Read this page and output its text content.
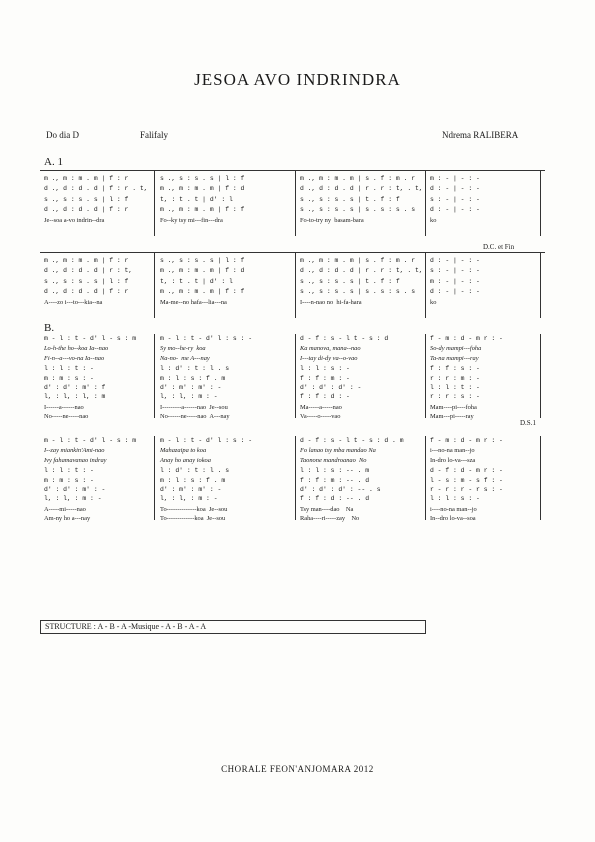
JESOA AVO INDRINDRA
Do dia D	Falifaly	Ndrema RALIBERA
A. 1
B.
D.C. et Fin
D.S.1
m ., m : m . m | f : r
d ., d : d . d | f : r . t,
s ., s : s . s | l : f
d ., d : d . d | f : r
Je--soa a-vo indrin--dra
s ., s : s . s | l : f
m ., m : m . m | f : d
t, : t . t | d' : l
m ., m : m . m | f : f
Fo--ky tsy mi---fin---dra
m ., m : m . m | s . f : m . r
d ., d : d . d | r . r : t, . t,
s ., s : s . s | t . f : f
s ., s : s . s | s . s : s . s
Fo-to-try ny  basam-bara
m : - | - : -
d : - | - : -
s : - | - : -
d : - | - : -
ko
m ., m : m . m | f : r
d ., d : d . d | r : t,
s ., s : s . s | l : f
d ., d : d . d | f : r
A----zo i---to---kia--na
s ., s : s . s | l : f
m ., m : m . m | f : d
t, : t . t | d' : l
m ., m : m . m | f : f
Ma-me--no hafa---lia---na
m ., m : m . m | s . f : m . r
d ., d : d . d | r . r : t, . t,
s ., s : s . s | t . f : f
s ., s : s . s | s . s : s . s
I----n-nao no  hi-fa-hara
d : - | - : -
s : - | - : -
m : - | - : -
d : - | - : -
ko
m - l : t - d' l - s : m
Lo-h-the ho--koa Ia--nao
Fi-n--a---vo-na Ia--nao
l : l : t : -
m : m : s : -
d' : d' : m' : f
l, : l, : l, : m
I------a------nao
No-----ne-----nao
m - l : t - d' l : s : -
Sy mo--he-ry  koa
Na-no-  me A---nay
l : d' : t : l . s
m : l : s : f . m
d' : m' : m' : -
l, : l, : m : -
I---------a------nao  Je--sou
No------ne-----nao  A---nay
d - f : s - l t - s : d
Ka manova, mana--nao
I---tay di-dy va--o-vao
l : l : s : -
f : f : m : -
d' : d' : d' : -
f : f : d : -
Ma-----a-----nao
Va-----o-----vao
f - m : d - m r : -
So-dy mampi---foha
Ta-na mampi---ray
f : f : s : -
r : r : m : -
l : l : t : -
r : r : s : -
Mam----pi----foha
Mam---pi-----ray
m - l : t - d' l - s : m
I--zay miankin'Ami-nao
Ivy fahamavanao indray
l : l : t : -
m : m : s : -
d' : d' : m' : -
l, : l, : m : -
A-----mi-----nao
Am-ny ho a---nay
m - l : t - d' l : s : -
Mahazaipa to koa
Anay ho anay iokoa
l : d' : t : l . s
m : l : s : f . m
d' : m' : m' : -
l, : l, : m : -
To--------------koa  Je--sou
To-------------koa  Je--sou
d - f : s - l t - s : d . m
Fo lanao tsy mba mandao Na
Taonone mandroanao  No
l : l : s : -- . m
f : f : m : -- . d
d' : d' : d' : -- . s
f : f : d : -- . d
Tsy man----dao    Na
Raha----ri-----zay    No
f - m : d - m r : -
i---no-na man--jo
In-dro lo-va---sza
d - f : d - m r : -
l - s : m - s f : -
r - r : r - r s : -
l : l : s : -
i----no-na man--jo
In--dro lo-va--soa
STRUCTURE : A - B - A -Musique - A - B - A - A
CHORALE FEON'ANJOMARA 2012
